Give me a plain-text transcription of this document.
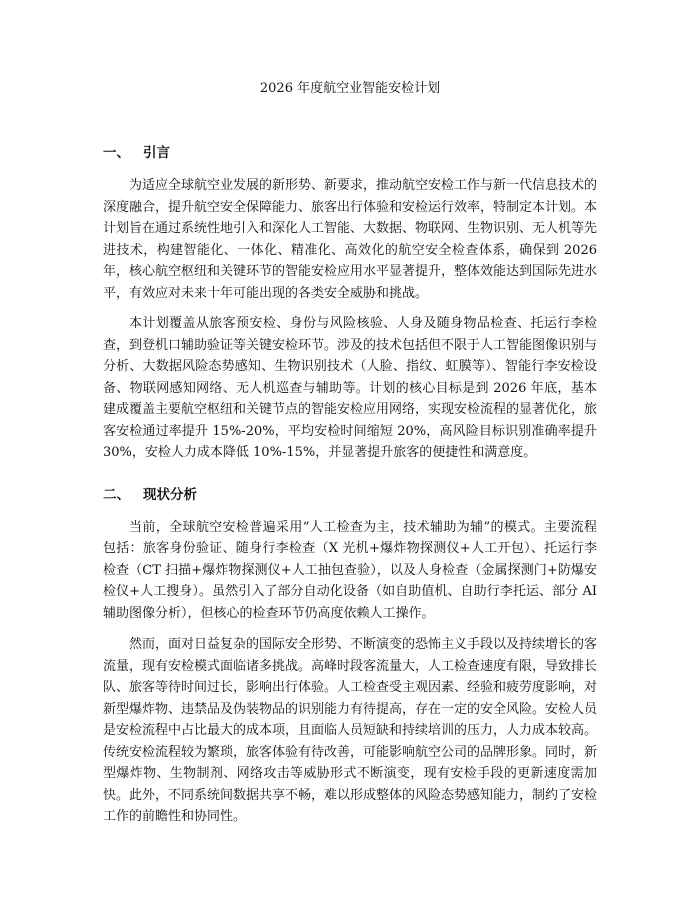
2026 年度航空业智能安检计划
一、 引言

为适应全球航空业发展的新形势、新要求，推动航空安检工作与新一代信息技术的深度融合，提升航空安全保障能力、旅客出行体验和安检运行效率，特制定本计划。本计划旨在通过系统性地引入和深化人工智能、大数据、物联网、生物识别、无人机等先进技术，构建智能化、一体化、精准化、高效化的航空安全检查体系，确保到 2026 年，核心航空枢纽和关键环节的智能安检应用水平显著提升，整体效能达到国际先进水平，有效应对未来十年可能出现的各类安全威胁和挑战。

本计划覆盖从旅客预安检、身份与风险核验、人身及随身物品检查、托运行李检查，到登机口辅助验证等关键安检环节。涉及的技术包括但不限于人工智能图像识别与分析、大数据风险态势感知、生物识别技术（人脸、指纹、虹膜等）、智能行李安检设备、物联网感知网络、无人机巡查与辅助等。计划的核心目标是到 2026 年底，基本建成覆盖主要航空枢纽和关键节点的智能安检应用网络，实现安检流程的显著优化，旅客安检通过率提升 15%-20%，平均安检时间缩短 20%，高风险目标识别准确率提升 30%，安检人力成本降低 10%-15%，并显著提升旅客的便捷性和满意度。

二、 现状分析

当前，全球航空安检普遍采用“人工检查为主，技术辅助为辅”的模式。主要流程包括：旅客身份验证、随身行李检查（X 光机+爆炸物探测仪+人工开包）、托运行李检查（CT 扫描+爆炸物探测仪+人工抽包查验），以及人身检查（金属探测门+防爆安检仪+人工搜身）。虽然引入了部分自动化设备（如自助值机、自助行李托运、部分 AI 辅助图像分析），但核心的检查环节仍高度依赖人工操作。

然而，面对日益复杂的国际安全形势、不断演变的恐怖主义手段以及持续增长的客流量，现有安检模式面临诸多挑战。高峰时段客流量大，人工检查速度有限，导致排长队、旅客等待时间过长，影响出行体验。人工检查受主观因素、经验和疲劳度影响，对新型爆炸物、违禁品及伪装物品的识别能力有待提高，存在一定的安全风险。安检人员是安检流程中占比最大的成本项，且面临人员短缺和持续培训的压力，人力成本较高。传统安检流程较为繁琐，旅客体验有待改善，可能影响航空公司的品牌形象。同时，新型爆炸物、生物制剂、网络攻击等威胁形式不断演变，现有安检手段的更新速度需加快。此外，不同系统间数据共享不畅，难以形成整体的风险态势感知能力，制约了安检工作的前瞻性和协同性。
